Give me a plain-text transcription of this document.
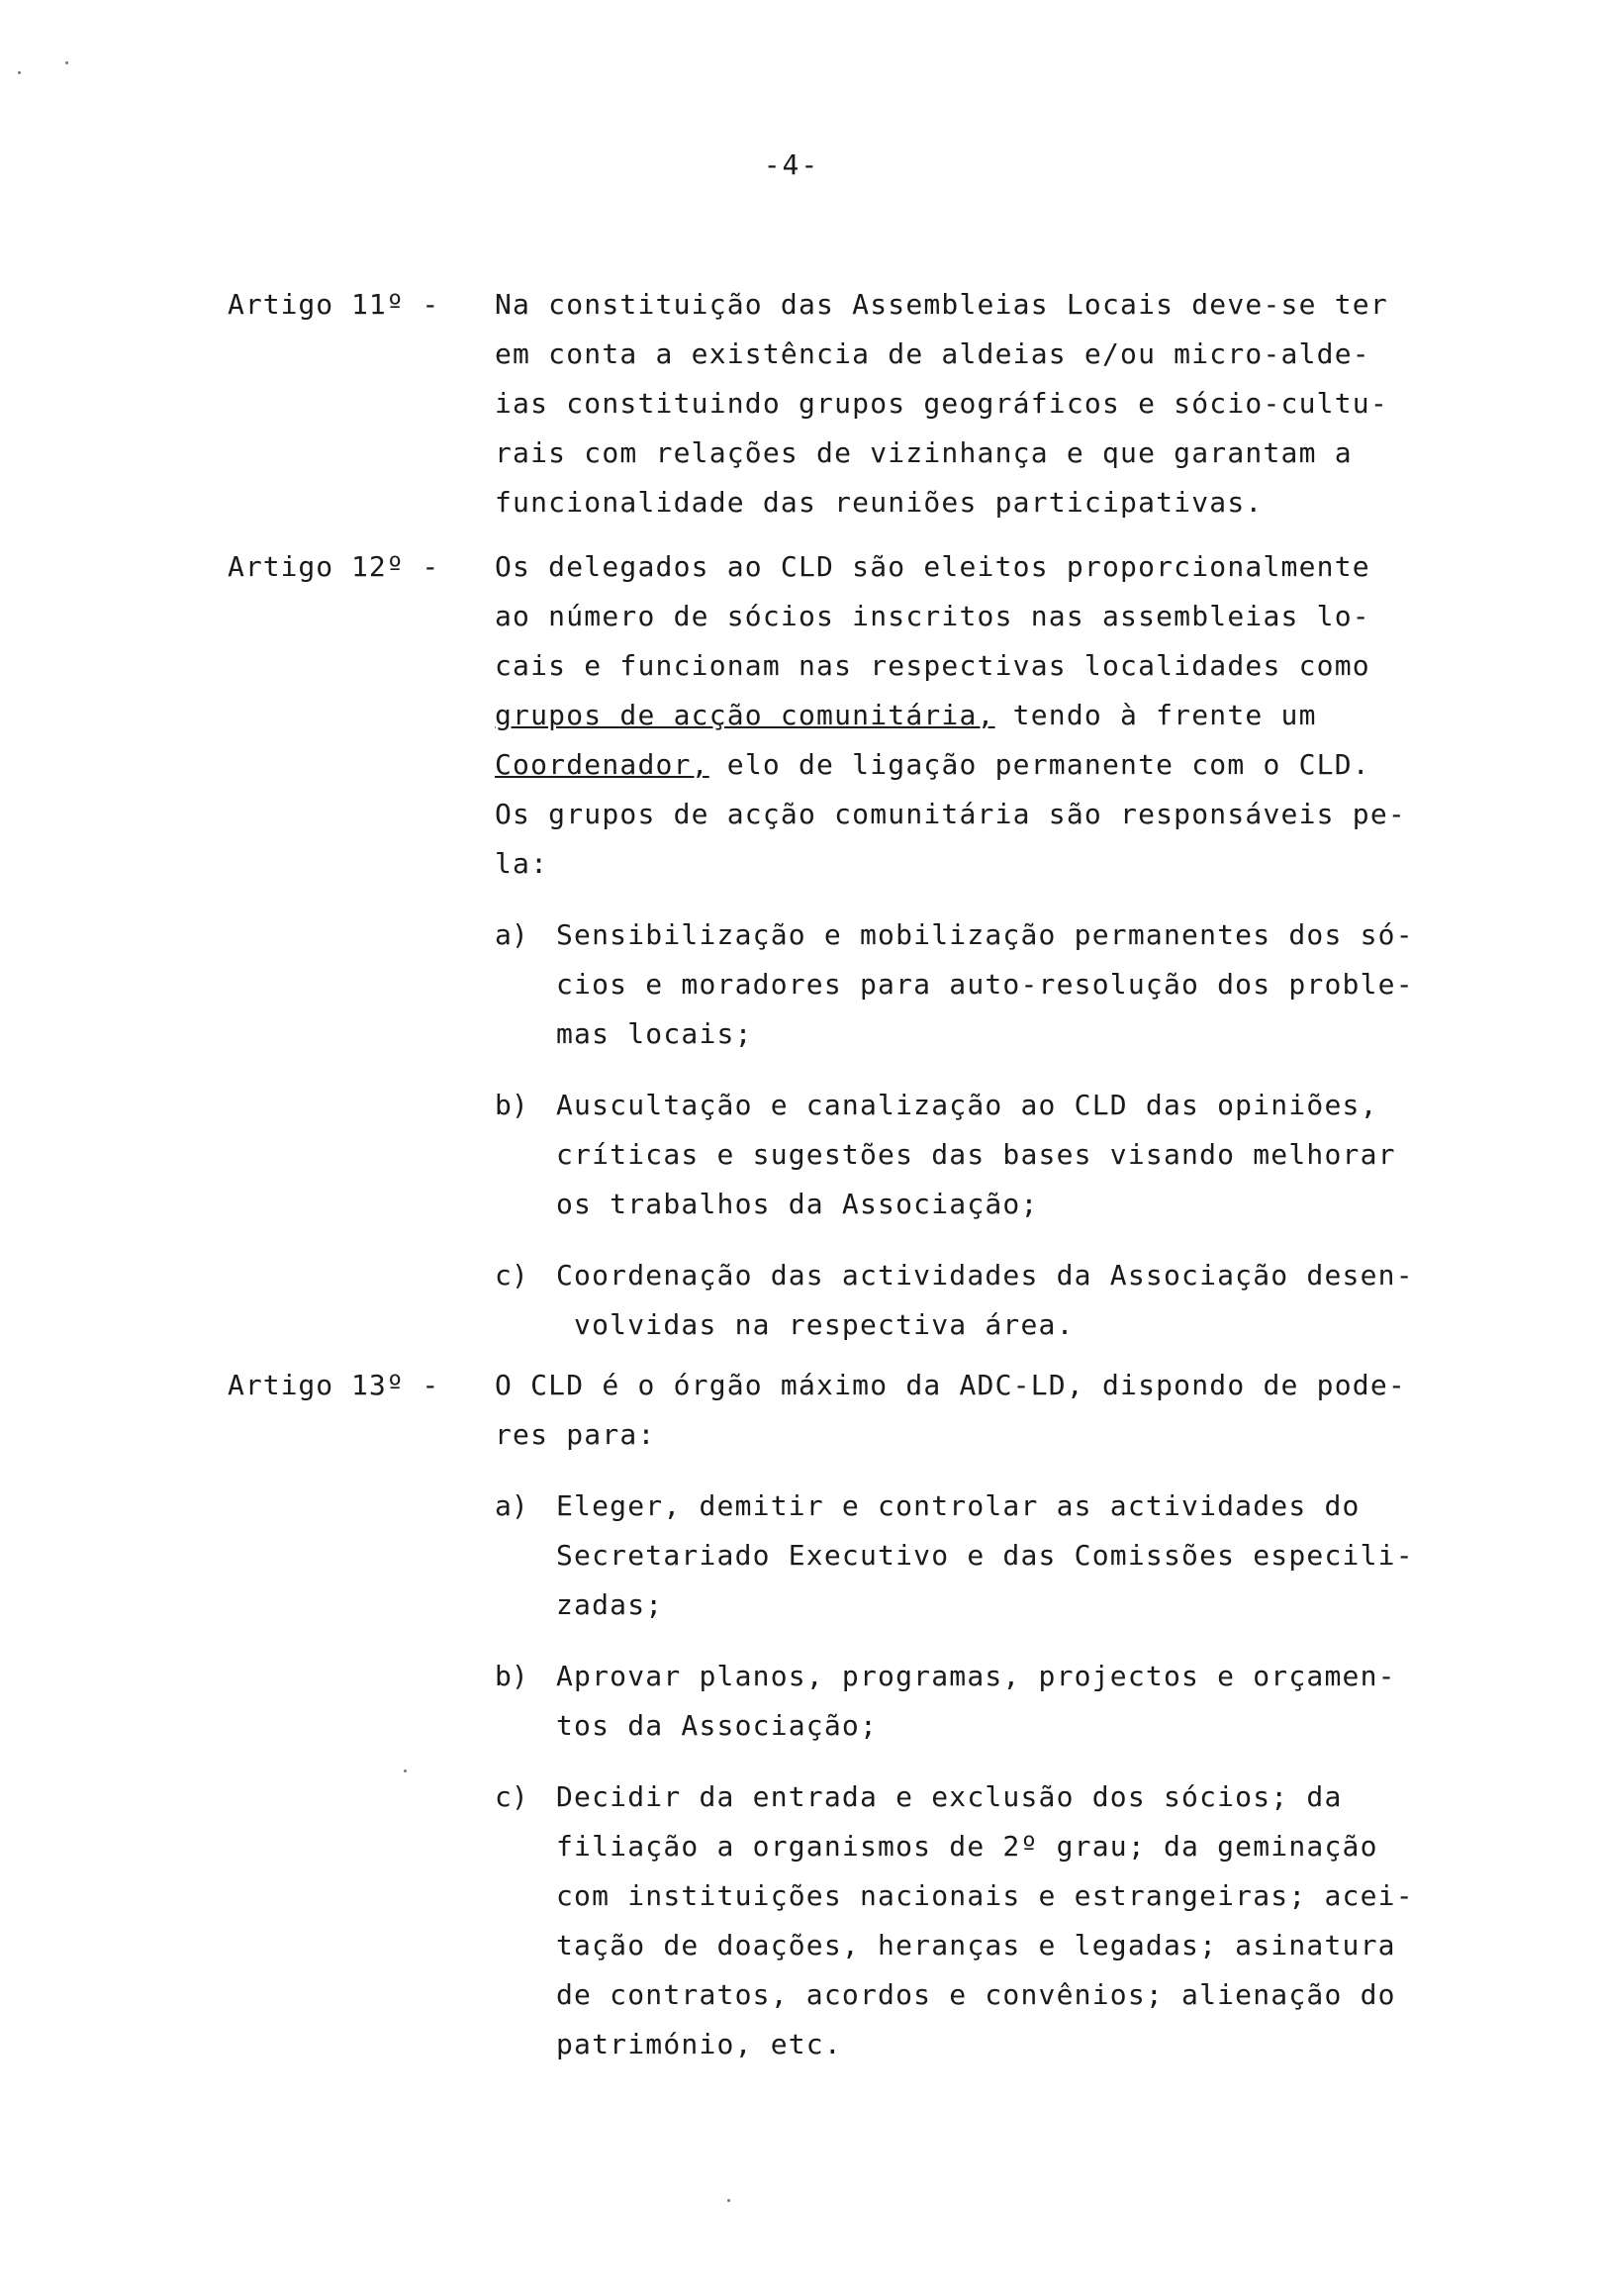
-4-
Artigo 11º -	Na constituição das Assembleias Locais deve-se ter
em conta a existência de aldeias e/ou micro-alde-
ias constituindo grupos geográficos e sócio-cultu-
rais com relações de vizinhança e que garantam a
funcionalidade das reuniões participativas.
Artigo 12º -	Os delegados ao CLD são eleitos proporcionalmente
ao número de sócios inscritos nas assembleias lo-
cais e funcionam nas respectivas localidades como
grupos de acção comunitária, tendo à frente um
Coordenador, elo de ligação permanente com o CLD.
Os grupos de acção comunitária são responsáveis pe-
la:
a)	Sensibilização e mobilização permanentes dos só-
cios e moradores para auto-resolução dos proble-
mas locais;
b)	Auscultação e canalização ao CLD das opiniões,
críticas e sugestões das bases visando melhorar
os trabalhos da Associação;
c)	Coordenação das actividades da Associação desen-
volvidas na respectiva área.
Artigo 13º -	O CLD é o órgão máximo da ADC-LD, dispondo de pode-
res para:
a)	Eleger, demitir e controlar as actividades do
Secretariado Executivo e das Comissões especili-
zadas;
b)	Aprovar planos, programas, projectos e orçamen-
tos da Associação;
c)	Decidir da entrada e exclusão dos sócios; da
filiação a organismos de 2º grau; da geminação
com instituições nacionais e estrangeiras; acei-
tação de doações, heranças e legadas; asinatura
de contratos, acordos e convênios; alienação do
património, etc.
